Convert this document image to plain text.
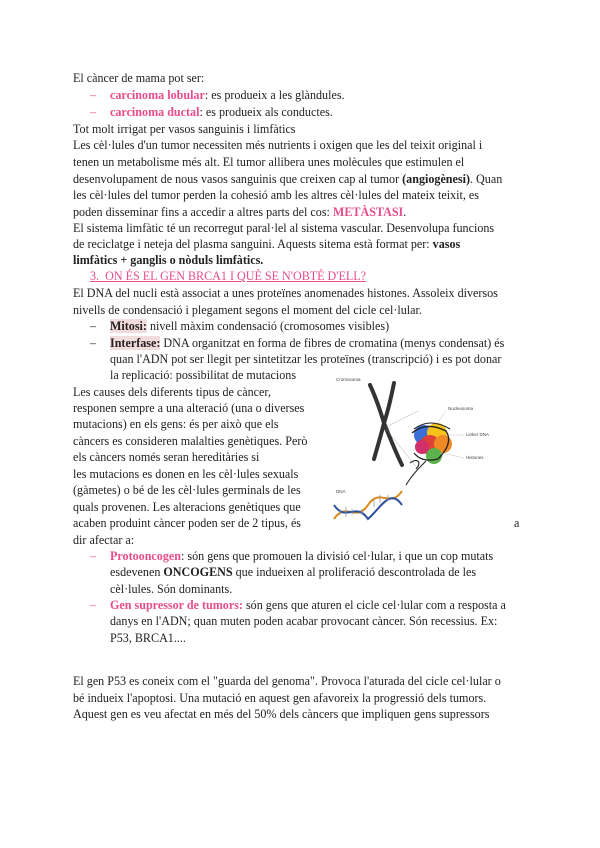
El càncer de mama pot ser:

– carcinoma lobular: es produeix a les glàndules.
– carcinoma ductal: es produeix als conductes.

Tot molt irrigat per vasos sanguinis i limfàtics

Les cèl·lules d'un tumor necessiten més nutrients i oxigen que les del teixit original i

tenen un metabolisme més alt. El tumor allibera unes molècules que estimulen el

desenvolupament de nous vasos sanguinis que creixen cap al tumor (angiogènesi). Quan

les cèl·lules del tumor perden la cohesió amb les altres cèl·lules del mateix teixit, es

poden disseminar fins a accedir a altres parts del cos: METÀSTASI.

El sistema limfàtic té un recorregut paral·lel al sistema vascular. Desenvolupa funcions

de reciclatge i neteja del plasma sanguini. Aquests sitema està format per: vasos

limfàtics + ganglis o nòduls limfàtics.

3. ON ÉS EL GEN BRCA1 I QUÈ SE N'OBTÉ D'ELL?

El DNA del nucli està associat a unes proteïnes anomenades histones. Assoleix diversos

nivells de condensació i plegament segons el moment del cicle cel·lular.

– Mitosi: nivell màxim condensació (cromosomes visibles)
– Interfase: DNA organitzat en forma de fibres de cromatina (menys condensat) és
quan l'ADN pot ser llegit per sintetitzar les proteïnes (transcripció) i es pot donar
la replicació: possibilitat de mutacions

Les causes dels diferents tipus de càncer,

responen sempre a una alteració (una o diverses

mutacions) en els gens: és per això que els

càncers es consideren malalties genètiques. Però

els càncers només seran hereditàries si

les mutacions es donen en les cèl·lules sexuals

(gàmetes) o bé de les cèl·lules germinals de les

quals provenen. Les alteracions genètiques que

acaben produint càncer poden ser de 2 tipus, és	a

dir afectar a:

Cromosoma
Nucleosoma
Linker DNA
Histones
DNA
– Protooncogen: són gens que promouen la divisió cel·lular, i que un cop mutats
esdevenen ONCOGENS que indueixen al proliferació descontrolada de les
cèl·lules. Són dominants.
– Gen supressor de tumors: són gens que aturen el cicle cel·lular com a resposta a
danys en l'ADN; quan muten poden acabar provocant càncer. Són recessius. Ex:
P53, BRCA1....

El gen P53 es coneix com el "guarda del genoma". Provoca l'aturada del cicle cel·lular o

bé indueix l'apoptosi. Una mutació en aquest gen afavoreix la progressió dels tumors.

Aquest gen es veu afectat en més del 50% dels càncers que impliquen gens supressors
